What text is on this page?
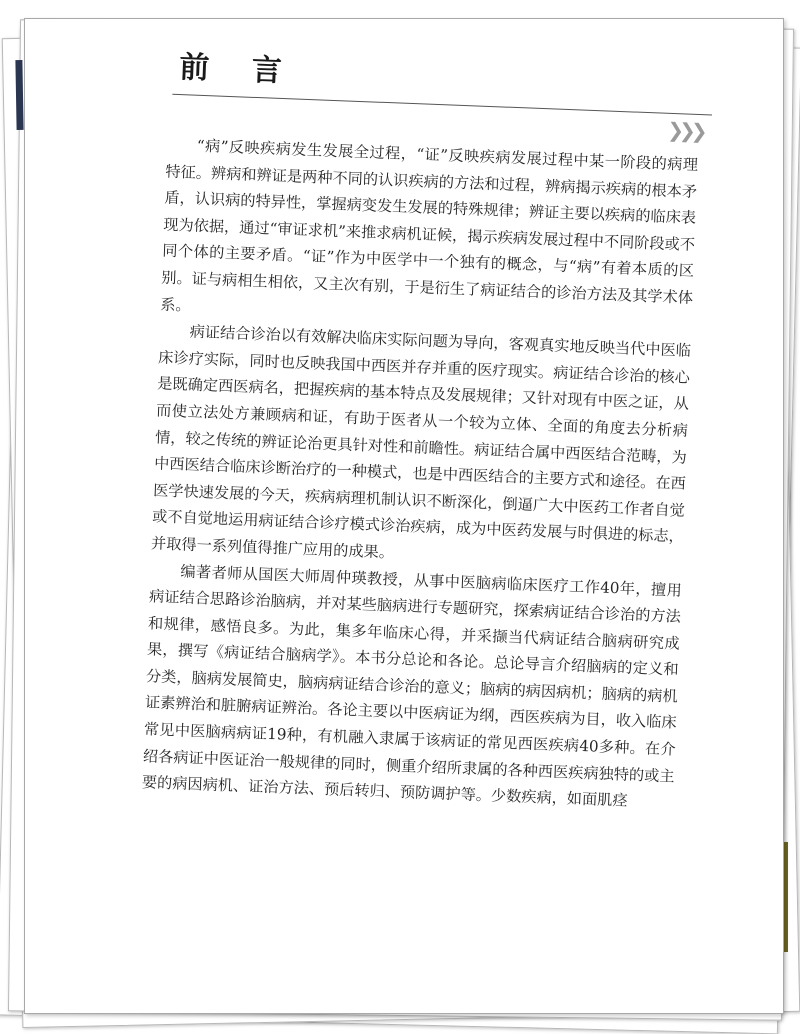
前 言
❯❯❯

“病”反映疾病发生发展全过程，“证”反映疾病发展过程中某一阶段的病理特征。辨病和辨证是两种不同的认识疾病的方法和过程，辨病揭示疾病的根本矛盾，认识病的特异性，掌握病变发生发展的特殊规律；辨证主要以疾病的临床表现为依据，通过“审证求机”来推求病机证候，揭示疾病发展过程中不同阶段或不同个体的主要矛盾。“证”作为中医学中一个独有的概念，与“病”有着本质的区别。证与病相生相依，又主次有别，于是衍生了病证结合的诊治方法及其学术体系。

病证结合诊治以有效解决临床实际问题为导向，客观真实地反映当代中医临床诊疗实际，同时也反映我国中西医并存并重的医疗现实。病证结合诊治的核心是既确定西医病名，把握疾病的基本特点及发展规律；又针对现有中医之证，从而使立法处方兼顾病和证，有助于医者从一个较为立体、全面的角度去分析病情，较之传统的辨证论治更具针对性和前瞻性。病证结合属中西医结合范畴，为中西医结合临床诊断治疗的一种模式，也是中西医结合的主要方式和途径。在西医学快速发展的今天，疾病病理机制认识不断深化，倒逼广大中医药工作者自觉或不自觉地运用病证结合诊疗模式诊治疾病，成为中医药发展与时俱进的标志，并取得一系列值得推广应用的成果。

编著者师从国医大师周仲瑛教授，从事中医脑病临床医疗工作40年，擅用病证结合思路诊治脑病，并对某些脑病进行专题研究，探索病证结合诊治的方法和规律，感悟良多。为此，集多年临床心得，并采撷当代病证结合脑病研究成果，撰写《病证结合脑病学》。本书分总论和各论。总论导言介绍脑病的定义和分类，脑病发展简史，脑病病证结合诊治的意义；脑病的病因病机；脑病的病机证素辨治和脏腑病证辨治。各论主要以中医病证为纲，西医疾病为目，收入临床常见中医脑病病证19种，有机融入隶属于该病证的常见西医疾病40多种。在介绍各病证中医证治一般规律的同时，侧重介绍所隶属的各种西医疾病独特的或主要的病因病机、证治方法、预后转归、预防调护等。少数疾病，如面肌痉
